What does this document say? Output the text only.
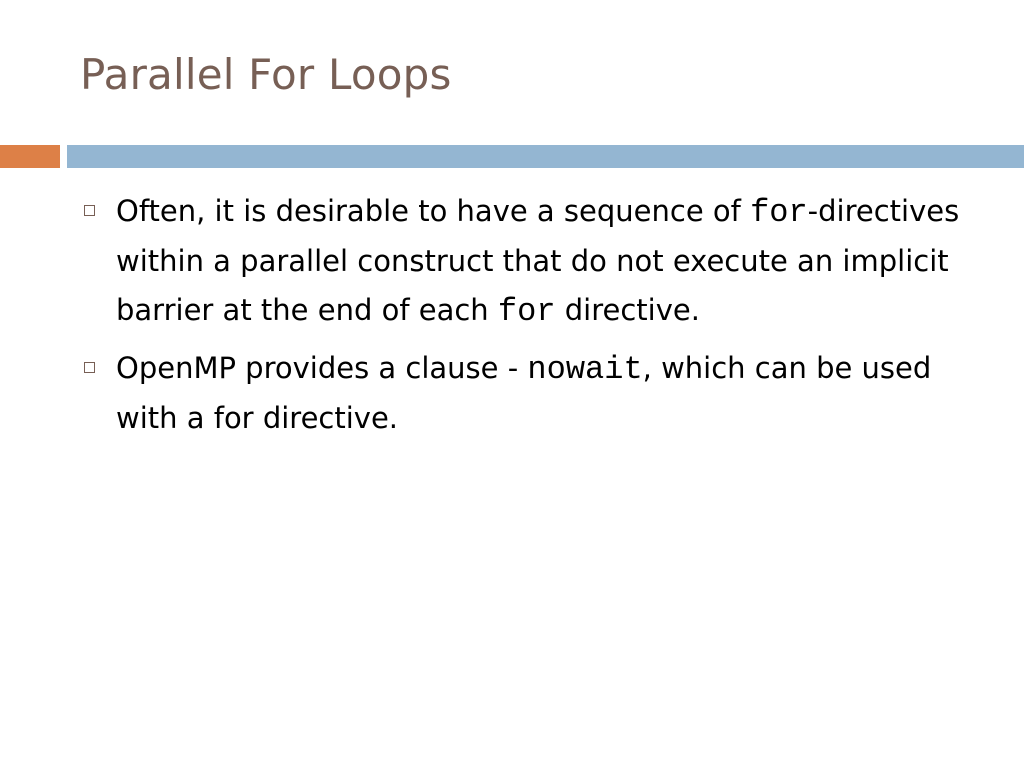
Parallel For Loops
Often, it is desirable to have a sequence of for-directives within a parallel construct that do not execute an implicit barrier at the end of each for directive.
OpenMP provides a clause - nowait, which can be used with a for directive.
